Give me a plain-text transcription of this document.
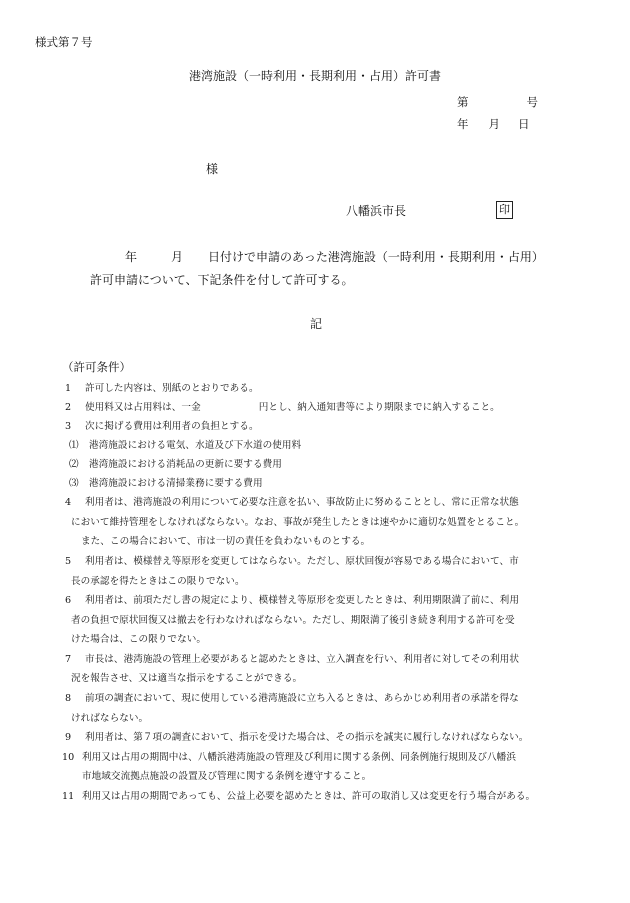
様式第７号
港湾施設（一時利用・長期利用・占用）許可書
第	号
年 月 日
様
八幡浜市長	印
年	月 日付けで申請のあった港湾施設（一時利用・長期利用・占用）
許可申請について、下記条件を付して許可する。
記
（許可条件）
1 許可した内容は、別紙のとおりである。
2 使用料又は占用料は、一金	円とし、納入通知書等により期限までに納入すること。
3 次に掲げる費用は利用者の負担とする。
⑴ 港湾施設における電気、水道及び下水道の使用料
⑵ 港湾施設における消耗品の更新に要する費用
⑶ 港湾施設における清掃業務に要する費用
4 利用者は、港湾施設の利用について必要な注意を払い、事故防止に努めることとし、常に正常な状態
において維持管理をしなければならない。なお、事故が発生したときは速やかに適切な処置をとること。
また、この場合において、市は一切の責任を負わないものとする。
5 利用者は、模様替え等原形を変更してはならない。ただし、原状回復が容易である場合において、市
長の承認を得たときはこの限りでない。
6 利用者は、前項ただし書の規定により、模様替え等原形を変更したときは、利用期限満了前に、利用
者の負担で原状回復又は撤去を行わなければならない。ただし、期限満了後引き続き利用する許可を受
けた場合は、この限りでない。
7 市長は、港湾施設の管理上必要があると認めたときは、立入調査を行い、利用者に対してその利用状
況を報告させ、又は適当な指示をすることができる。
8 前項の調査において、現に使用している港湾施設に立ち入るときは、あらかじめ利用者の承諾を得な
ければならない。
9 利用者は、第７項の調査において、指示を受けた場合は、その指示を誠実に履行しなければならない。
10 利用又は占用の期間中は、八幡浜港湾施設の管理及び利用に関する条例、同条例施行規則及び八幡浜
市地域交流拠点施設の設置及び管理に関する条例を遵守すること。
11 利用又は占用の期間であっても、公益上必要を認めたときは、許可の取消し又は変更を行う場合がある。
